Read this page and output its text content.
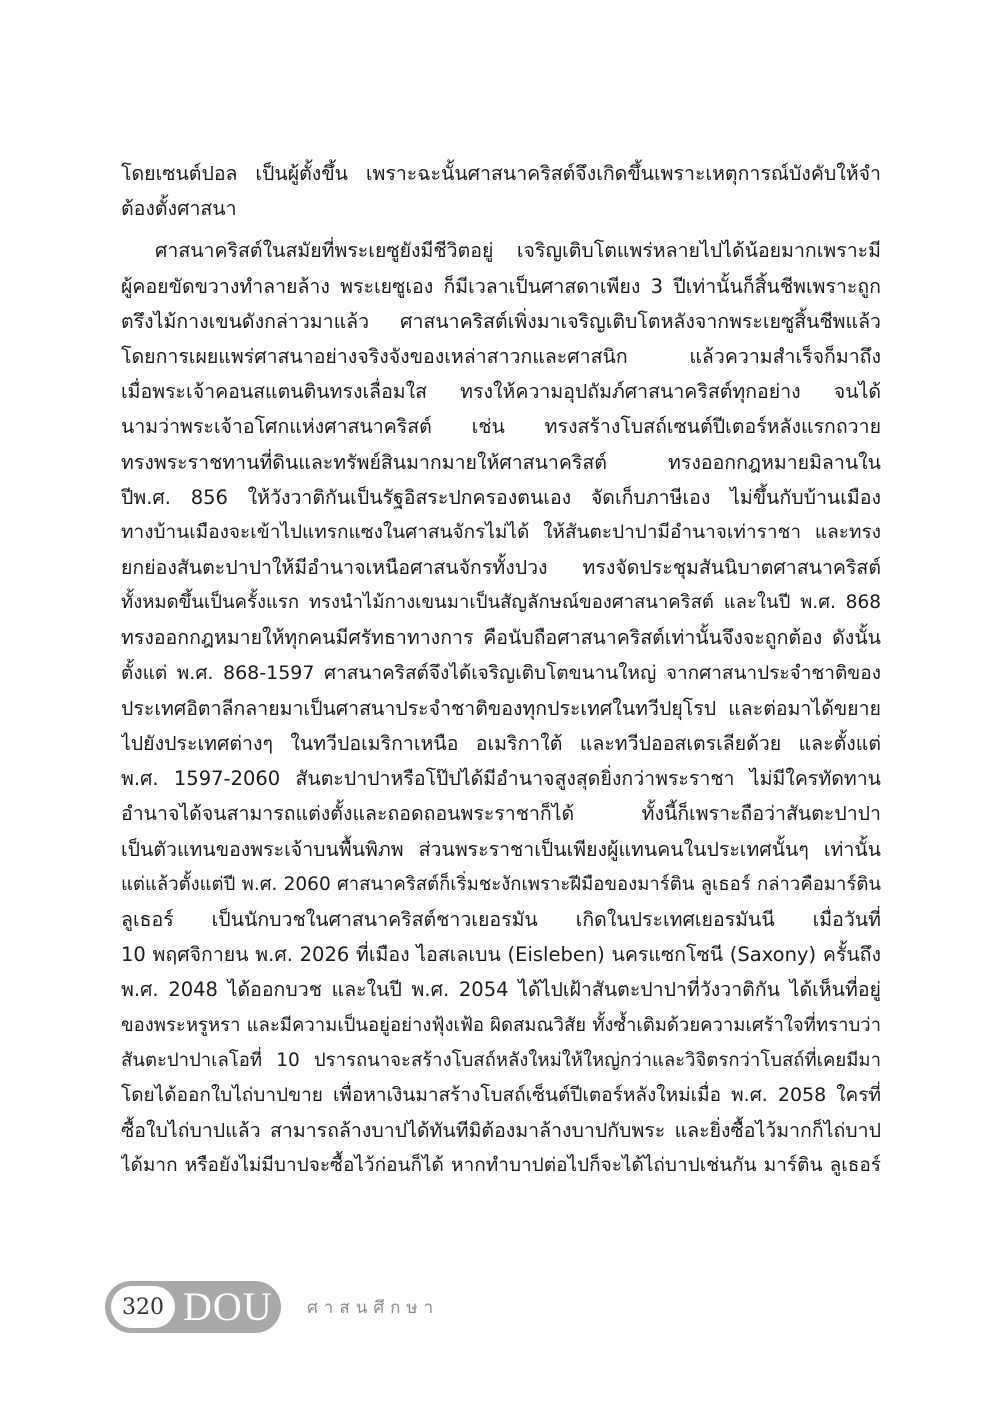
โดยเซนต์ปอล เป็นผู้ตั้งขึ้น เพราะฉะนั้นศาสนาคริสต์จึงเกิดขึ้นเพราะเหตุการณ์บังคับให้จำ
ต้องตั้งศาสนา
ศาสนาคริสต์ในสมัยที่พระเยซูยังมีชีวิตอยู่ เจริญเติบโตแพร่หลายไปได้น้อยมากเพราะมี
ผู้คอยขัดขวางทำลายล้าง พระเยซูเอง ก็มีเวลาเป็นศาสดาเพียง 3 ปีเท่านั้นก็สิ้นชีพเพราะถูก
ตรึงไม้กางเขนดังกล่าวมาแล้ว ศาสนาคริสต์เพิ่งมาเจริญเติบโตหลังจากพระเยซูสิ้นชีพแล้ว
โดยการเผยแพร่ศาสนาอย่างจริงจังของเหล่าสาวกและศาสนิก แล้วความสำเร็จก็มาถึง
เมื่อพระเจ้าคอนสแตนตินทรงเลื่อมใส ทรงให้ความอุปถัมภ์ศาสนาคริสต์ทุกอย่าง จนได้
นามว่าพระเจ้าอโศกแห่งศาสนาคริสต์ เช่น ทรงสร้างโบสถ์เซนต์ปีเตอร์หลังแรกถวาย
ทรงพระราชทานที่ดินและทรัพย์สินมากมายให้ศาสนาคริสต์ ทรงออกกฎหมายมิลานใน
ปีพ.ศ. 856 ให้วังวาติกันเป็นรัฐอิสระปกครองตนเอง จัดเก็บภาษีเอง ไม่ขึ้นกับบ้านเมือง
ทางบ้านเมืองจะเข้าไปแทรกแซงในศาสนจักรไม่ได้ ให้สันตะปาปามีอำนาจเท่าราชา และทรง
ยกย่องสันตะปาปาให้มีอำนาจเหนือศาสนจักรทั้งปวง ทรงจัดประชุมสันนิบาตศาสนาคริสต์
ทั้งหมดขึ้นเป็นครั้งแรก ทรงนำไม้กางเขนมาเป็นสัญลักษณ์ของศาสนาคริสต์ และในปี พ.ศ. 868
ทรงออกกฎหมายให้ทุกคนมีศรัทธาทางการ คือนับถือศาสนาคริสต์เท่านั้นจึงจะถูกต้อง ดังนั้น
ตั้งแต่ พ.ศ. 868-1597 ศาสนาคริสต์จึงได้เจริญเติบโตขนานใหญ่ จากศาสนาประจำชาติของ
ประเทศอิตาลีกลายมาเป็นศาสนาประจำชาติของทุกประเทศในทวีปยุโรป และต่อมาได้ขยาย
ไปยังประเทศต่างๆ ในทวีปอเมริกาเหนือ อเมริกาใต้ และทวีปออสเตรเลียด้วย และตั้งแต่
พ.ศ. 1597-2060 สันตะปาปาหรือโป๊ปได้มีอำนาจสูงสุดยิ่งกว่าพระราชา ไม่มีใครทัดทาน
อำนาจได้จนสามารถแต่งตั้งและถอดถอนพระราชาก็ได้ ทั้งนี้ก็เพราะถือว่าสันตะปาปา
เป็นตัวแทนของพระเจ้าบนพื้นพิภพ ส่วนพระราชาเป็นเพียงผู้แทนคนในประเทศนั้นๆ เท่านั้น
แต่แล้วตั้งแต่ปี พ.ศ. 2060 ศาสนาคริสต์ก็เริ่มชะงักเพราะฝีมือของมาร์ติน ลูเธอร์ กล่าวคือมาร์ติน
ลูเธอร์ เป็นนักบวชในศาสนาคริสต์ชาวเยอรมัน เกิดในประเทศเยอรมันนี เมื่อวันที่
10 พฤศจิกายน พ.ศ. 2026 ที่เมือง ไอสเลเบน (Eisleben) นครแซกโซนี (Saxony) ครั้นถึง
พ.ศ. 2048 ได้ออกบวช และในปี พ.ศ. 2054 ได้ไปเฝ้าสันตะปาปาที่วังวาติกัน ได้เห็นที่อยู่
ของพระหรูหรา และมีความเป็นอยู่อย่างฟุ้งเฟ้อ ผิดสมณวิสัย ทั้งซ้ำเติมด้วยความเศร้าใจที่ทราบว่า
สันตะปาปาเลโอที่ 10 ปรารถนาจะสร้างโบสถ์หลังใหม่ให้ใหญ่กว่าและวิจิตรกว่าโบสถ์ที่เคยมีมา
โดยได้ออกใบไถ่บาปขาย เพื่อหาเงินมาสร้างโบสถ์เซ็นต์ปีเตอร์หลังใหม่เมื่อ พ.ศ. 2058 ใครที่
ซื้อใบไถ่บาปแล้ว สามารถล้างบาปได้ทันทีมิต้องมาล้างบาปกับพระ และยิ่งซื้อไว้มากก็ไถ่บาป
ได้มาก หรือยังไม่มีบาปจะซื้อไว้ก่อนก็ได้ หากทำบาปต่อไปก็จะได้ไถ่บาปเช่นกัน มาร์ติน ลูเธอร์
320 DOU ศาสนศึกษา
